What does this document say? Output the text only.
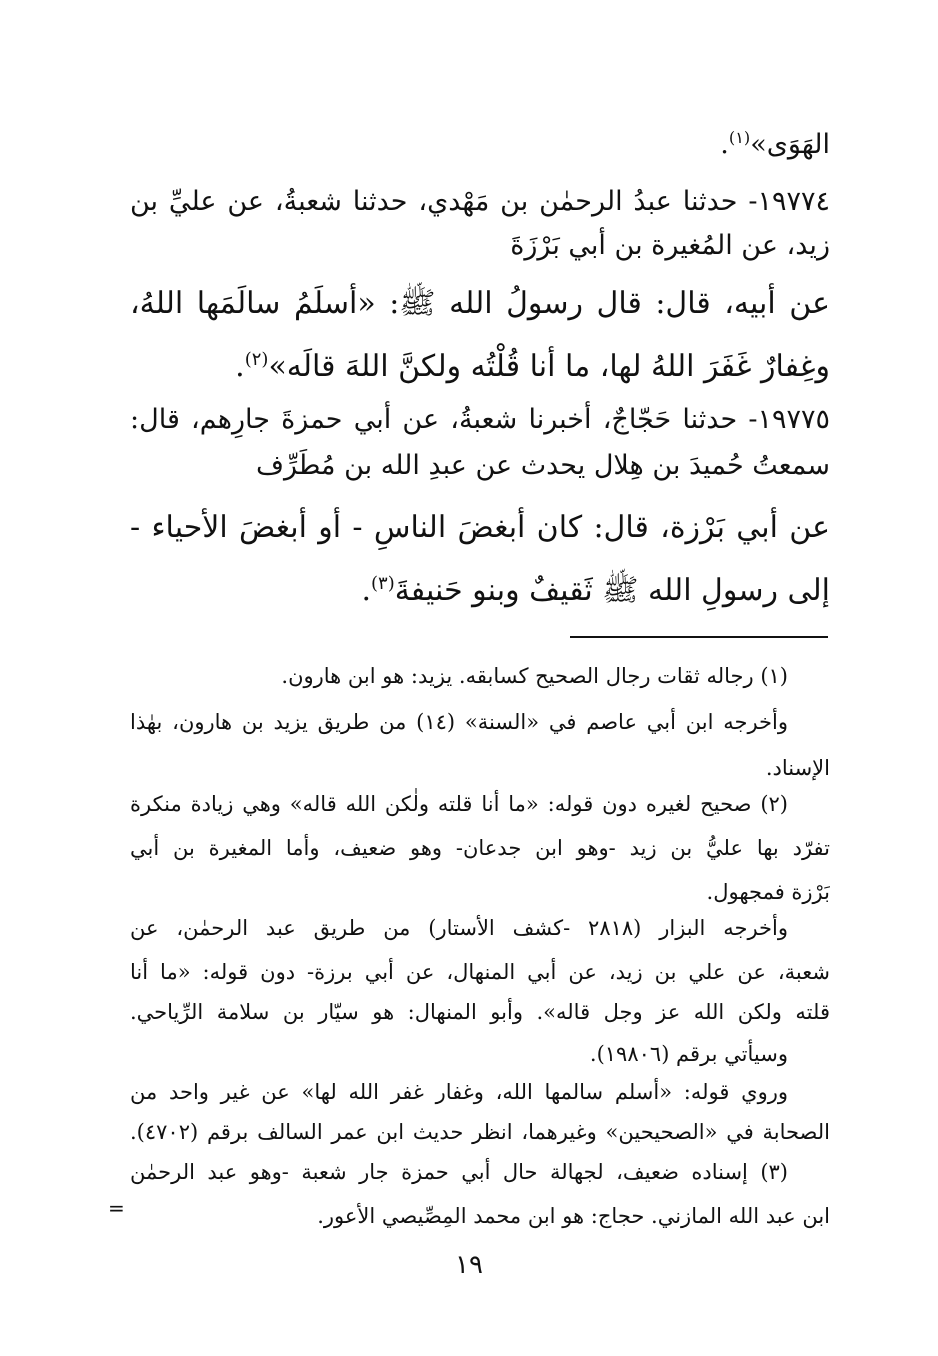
الهَوَى»$^{(١)}$.
١٩٧٧٤- حدثنا عبدُ الرحمٰن بن مَهْدي، حدثنا شعبةُ، عن عليِّ بن
زيد، عن المُغيرة بن أبي بَرْزَةَ
عن أبيه، قال: قال رسولُ الله ﷺ: «أسلَمُ سالَمَها اللهُ،
وغِفارٌ غَفَرَ اللهُ لها، ما أنا قُلْتُه ولكنَّ اللهَ قالَه»$^{(٢)}$.
١٩٧٧٥- حدثنا حَجّاجٌ، أخبرنا شعبةُ، عن أبي حمزةَ جارِهم، قال:
سمعتُ حُميدَ بن هِلال يحدث عن عبدِ الله بن مُطَرِّف
عن أبي بَرْزة، قال: كان أبغضَ الناسِ - أو أبغضَ الأحياء -
إلى رسولِ الله ﷺ ثَقيفٌ وبنو حَنيفةَ$^{(٣)}$.
(١) رجاله ثقات رجال الصحيح كسابقه. يزيد: هو ابن هارون.
وأخرجه ابن أبي عاصم في «السنة» (١٤) من طريق يزيد بن هارون، بهٰذا
الإسناد.
(٢) صحيح لغيره دون قوله: «ما أنا قلته ولٰكن الله قاله» وهي زيادة منكرة
تفرّد بها عليُّ بن زيد -وهو ابن جدعان- وهو ضعيف، وأما المغيرة بن أبي
بَرْزة فمجهول.
وأخرجه البزار (٢٨١٨ -كشف الأستار) من طريق عبد الرحمٰن، عن
شعبة، عن علي بن زيد، عن أبي المنهال، عن أبي برزة- دون قوله: «ما أنا
قلته ولكن الله عز وجل قاله». وأبو المنهال: هو سيّار بن سلامة الرِّياحي.
وسيأتي برقم (١٩٨٠٦).
وروي قوله: «أسلم سالمها الله، وغفار غفر الله لها» عن غير واحد من
الصحابة في «الصحيحين» وغيرهما، انظر حديث ابن عمر السالف برقم (٤٧٠٢).
(٣) إسناده ضعيف، لجهالة حال أبي حمزة جار شعبة -وهو عبد الرحمٰن
ابن عبد الله المازني. حجاج: هو ابن محمد المِصِّيصي الأعور.
=
١٩
